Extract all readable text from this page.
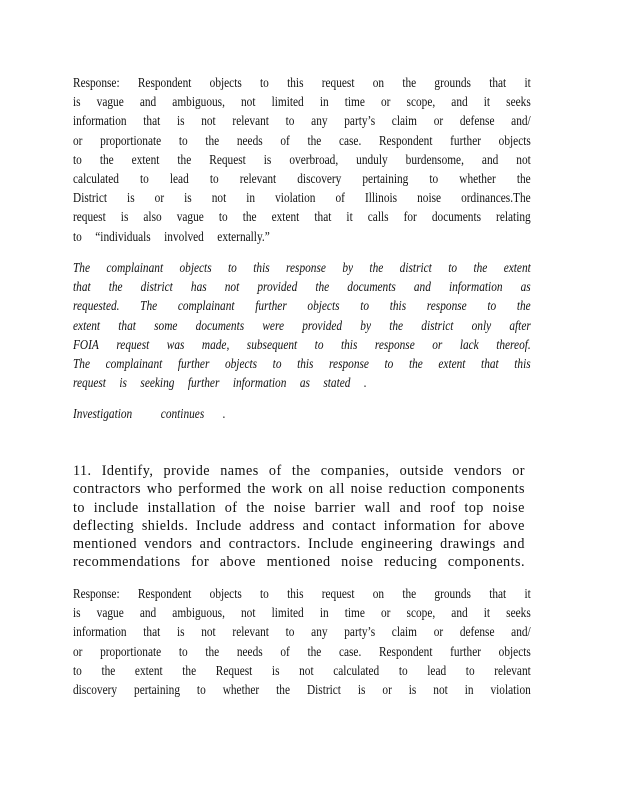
Response: Respondent objects to this request on the grounds that it
is vague and ambiguous, not limited in time or scope, and it seeks
information that is not relevant to any party’s claim or defense and/
or proportionate to the needs of the case. Respondent further objects
to the extent the Request is overbroad, unduly burdensome, and not
calculated to lead to relevant discovery pertaining to whether the
District is or is not in violation of Illinois noise ordinances.The
request is also vague to the extent that it calls for documents relating
to “individuals involved externally.”
The complainant objects to this response by the district to the extent
that the district has not provided the documents and information as
requested. The complainant further objects to this response to the
extent that some documents were provided by the district only after
FOIA request was made, subsequent to this response or lack thereof.
The complainant further objects to this response to the extent that this
request is seeking further information as stated .
Investigation continues .
11. Identify, provide names of the companies, outside vendors or
contractors who performed the work on all noise reduction components
to include installation of the noise barrier wall and roof top noise
deflecting shields. Include address and contact information for above
mentioned vendors and contractors. Include engineering drawings and
recommendations for above mentioned noise reducing components.
Response: Respondent objects to this request on the grounds that it
is vague and ambiguous, not limited in time or scope, and it seeks
information that is not relevant to any party’s claim or defense and/
or proportionate to the needs of the case. Respondent further objects
to the extent the Request is not calculated to lead to relevant
discovery pertaining to whether the District is or is not in violation
